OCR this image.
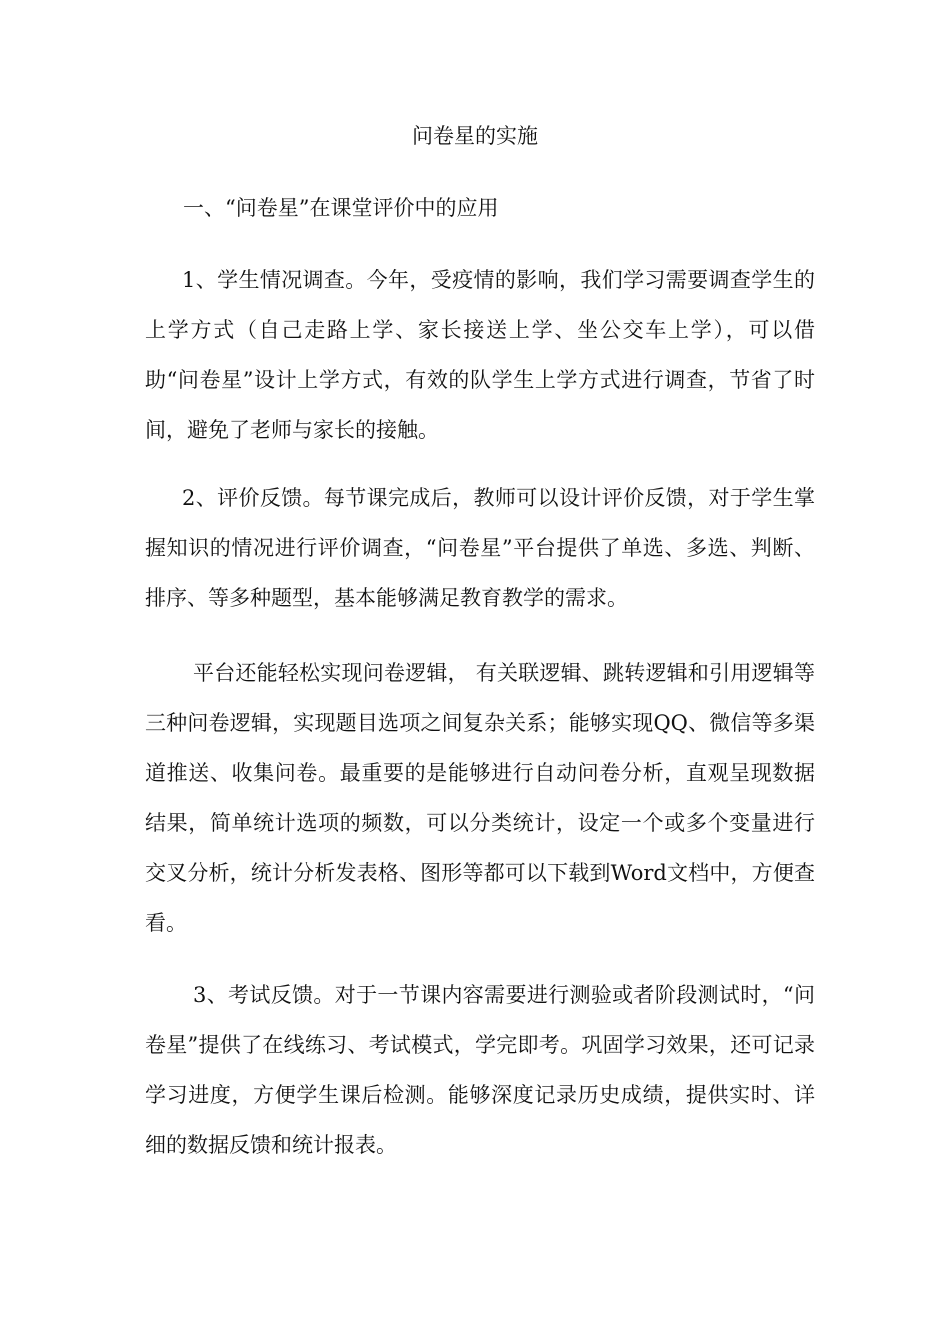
问卷星的实施
一、“问卷星”在课堂评价中的应用

1、学生情况调查。今年，受疫情的影响，我们学习需要调查学生的上学方式（自己走路上学、家长接送上学、坐公交车上学），可以借助“问卷星”设计上学方式，有效的队学生上学方式进行调查，节省了时间，避免了老师与家长的接触。

2、评价反馈。每节课完成后，教师可以设计评价反馈，对于学生掌握知识的情况进行评价调查，“问卷星”平台提供了单选、多选、判断、排序、等多种题型，基本能够满足教育教学的需求。

平台还能轻松实现问卷逻辑， 有关联逻辑、跳转逻辑和引用逻辑等三种问卷逻辑，实现题目选项之间复杂关系；能够实现QQ、微信等多渠道推送、收集问卷。最重要的是能够进行自动问卷分析，直观呈现数据结果，简单统计选项的频数，可以分类统计，设定一个或多个变量进行交叉分析，统计分析发表格、图形等都可以下载到Word文档中，方便查看。

3、考试反馈。对于一节课内容需要进行测验或者阶段测试时，“问卷星”提供了在线练习、考试模式，学完即考。巩固学习效果，还可记录学习进度，方便学生课后检测。能够深度记录历史成绩，提供实时、详细的数据反馈和统计报表。
